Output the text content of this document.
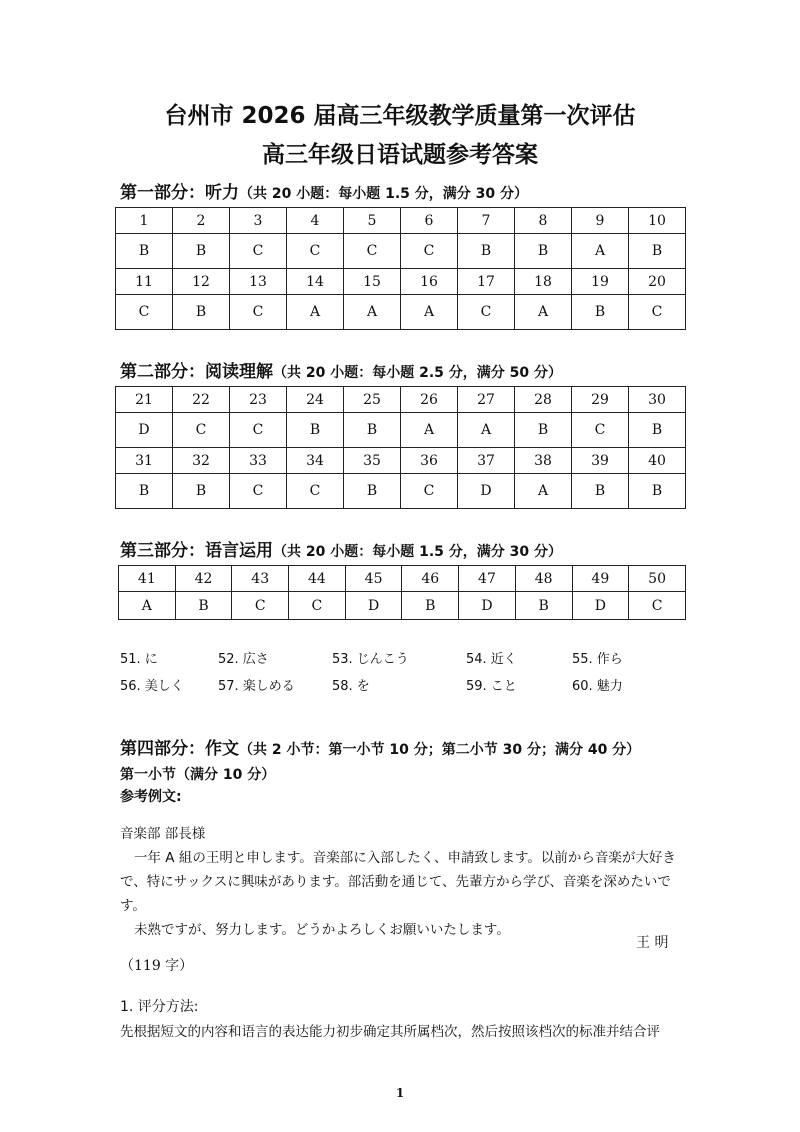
台州市 2026 届高三年级教学质量第一次评估
高三年级日语试题参考答案
第一部分：听力（共 20 小题：每小题 1.5 分，满分 30 分）
1	2	3	4	5	6	7	8	9	10
B	B	C	C	C	C	B	B	A	B
11	12	13	14	15	16	17	18	19	20
C	B	C	A	A	A	C	A	B	C
第二部分：阅读理解（共 20 小题：每小题 2.5 分，满分 50 分）
21	22	23	24	25	26	27	28	29	30
D	C	C	B	B	A	A	B	C	B
31	32	33	34	35	36	37	38	39	40
B	B	C	C	B	C	D	A	B	B
第三部分：语言运用（共 20 小题：每小题 1.5 分，满分 30 分）
41	42	43	44	45	46	47	48	49	50
A	B	C	C	D	B	D	B	D	C
51. に	52. 広さ	53. じんこう	54. 近く	55. 作ら
56. 美しく	57. 楽しめる	58. を	59. こと	60. 魅力
第四部分：作文（共 2 小节：第一小节 10 分；第二小节 30 分；满分 40 分）
第一小节（满分 10 分）
参考例文:

音楽部 部長様

一年 A 組の王明と申します。音楽部に入部したく、申請致します。以前から音楽が大好きで、特にサックスに興味があります。部活動を通じて、先輩方から学び、音楽を深めたいです。

未熟ですが、努力します。どうかよろしくお願いいたします。

王 明
（119 字）
1. 评分方法:
先根据短文的内容和语言的表达能力初步确定其所属档次，然后按照该档次的标准并结合评
1
